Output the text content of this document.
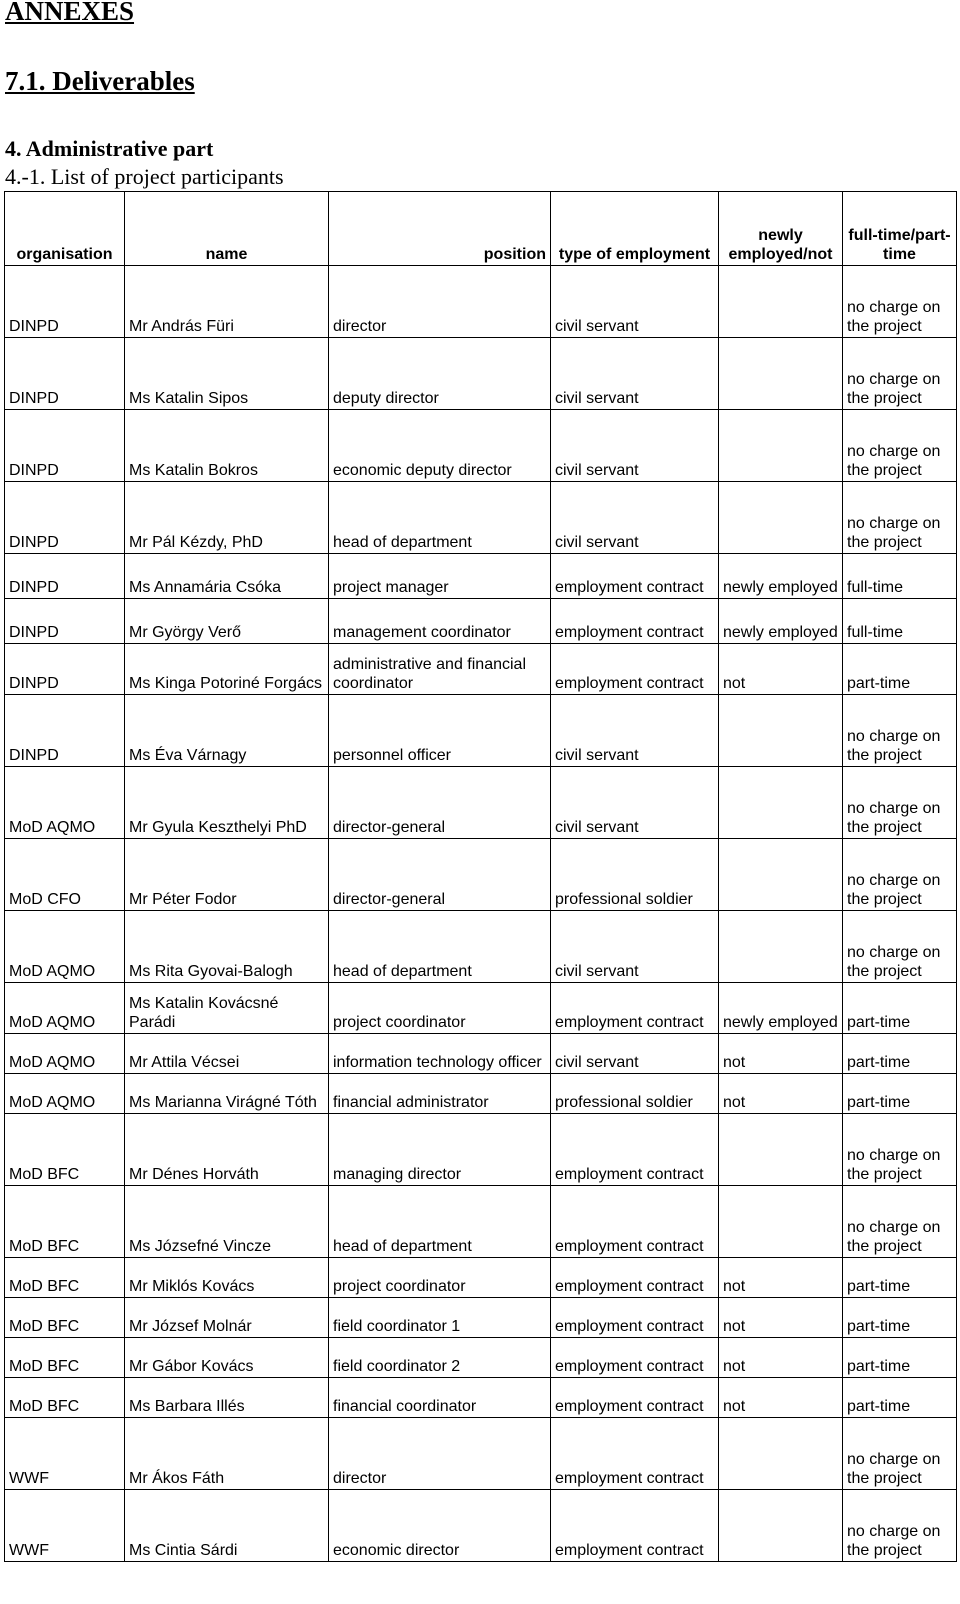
ANNEXES
7.1. Deliverables
4. Administrative part
4.-1. List of project participants
organisation	name	position	type of employment	newly employed/not	full-time/part-time
DINPD	Mr András Füri	director	civil servant		no charge on the project
DINPD	Ms Katalin Sipos	deputy director	civil servant		no charge on the project
DINPD	Ms Katalin Bokros	economic deputy director	civil servant		no charge on the project
DINPD	Mr Pál Kézdy, PhD	head of department	civil servant		no charge on the project
DINPD	Ms Annamária Csóka	project manager	employment contract	newly employed	full-time
DINPD	Mr György Verő	management coordinator	employment contract	newly employed	full-time
DINPD	Ms Kinga Potoriné Forgács	administrative and financial coordinator	employment contract	not	part-time
DINPD	Ms Éva Várnagy	personnel officer	civil servant		no charge on the project
MoD AQMO	Mr Gyula Keszthelyi PhD	director-general	civil servant		no charge on the project
MoD CFO	Mr Péter Fodor	director-general	professional soldier		no charge on the project
MoD AQMO	Ms Rita Gyovai-Balogh	head of department	civil servant		no charge on the project
MoD AQMO	Ms Katalin Kovácsné Parádi	project coordinator	employment contract	newly employed	part-time
MoD AQMO	Mr Attila Vécsei	information technology officer	civil servant	not	part-time
MoD AQMO	Ms Marianna Virágné Tóth	financial administrator	professional soldier	not	part-time
MoD BFC	Mr Dénes Horváth	managing director	employment contract		no charge on the project
MoD BFC	Ms Józsefné Vincze	head of department	employment contract		no charge on the project
MoD BFC	Mr Miklós Kovács	project coordinator	employment contract	not	part-time
MoD BFC	Mr József Molnár	field coordinator 1	employment contract	not	part-time
MoD BFC	Mr Gábor Kovács	field coordinator 2	employment contract	not	part-time
MoD BFC	Ms Barbara Illés	financial coordinator	employment contract	not	part-time
WWF	Mr Ákos Fáth	director	employment contract		no charge on the project
WWF	Ms Cintia Sárdi	economic director	employment contract		no charge on the project
